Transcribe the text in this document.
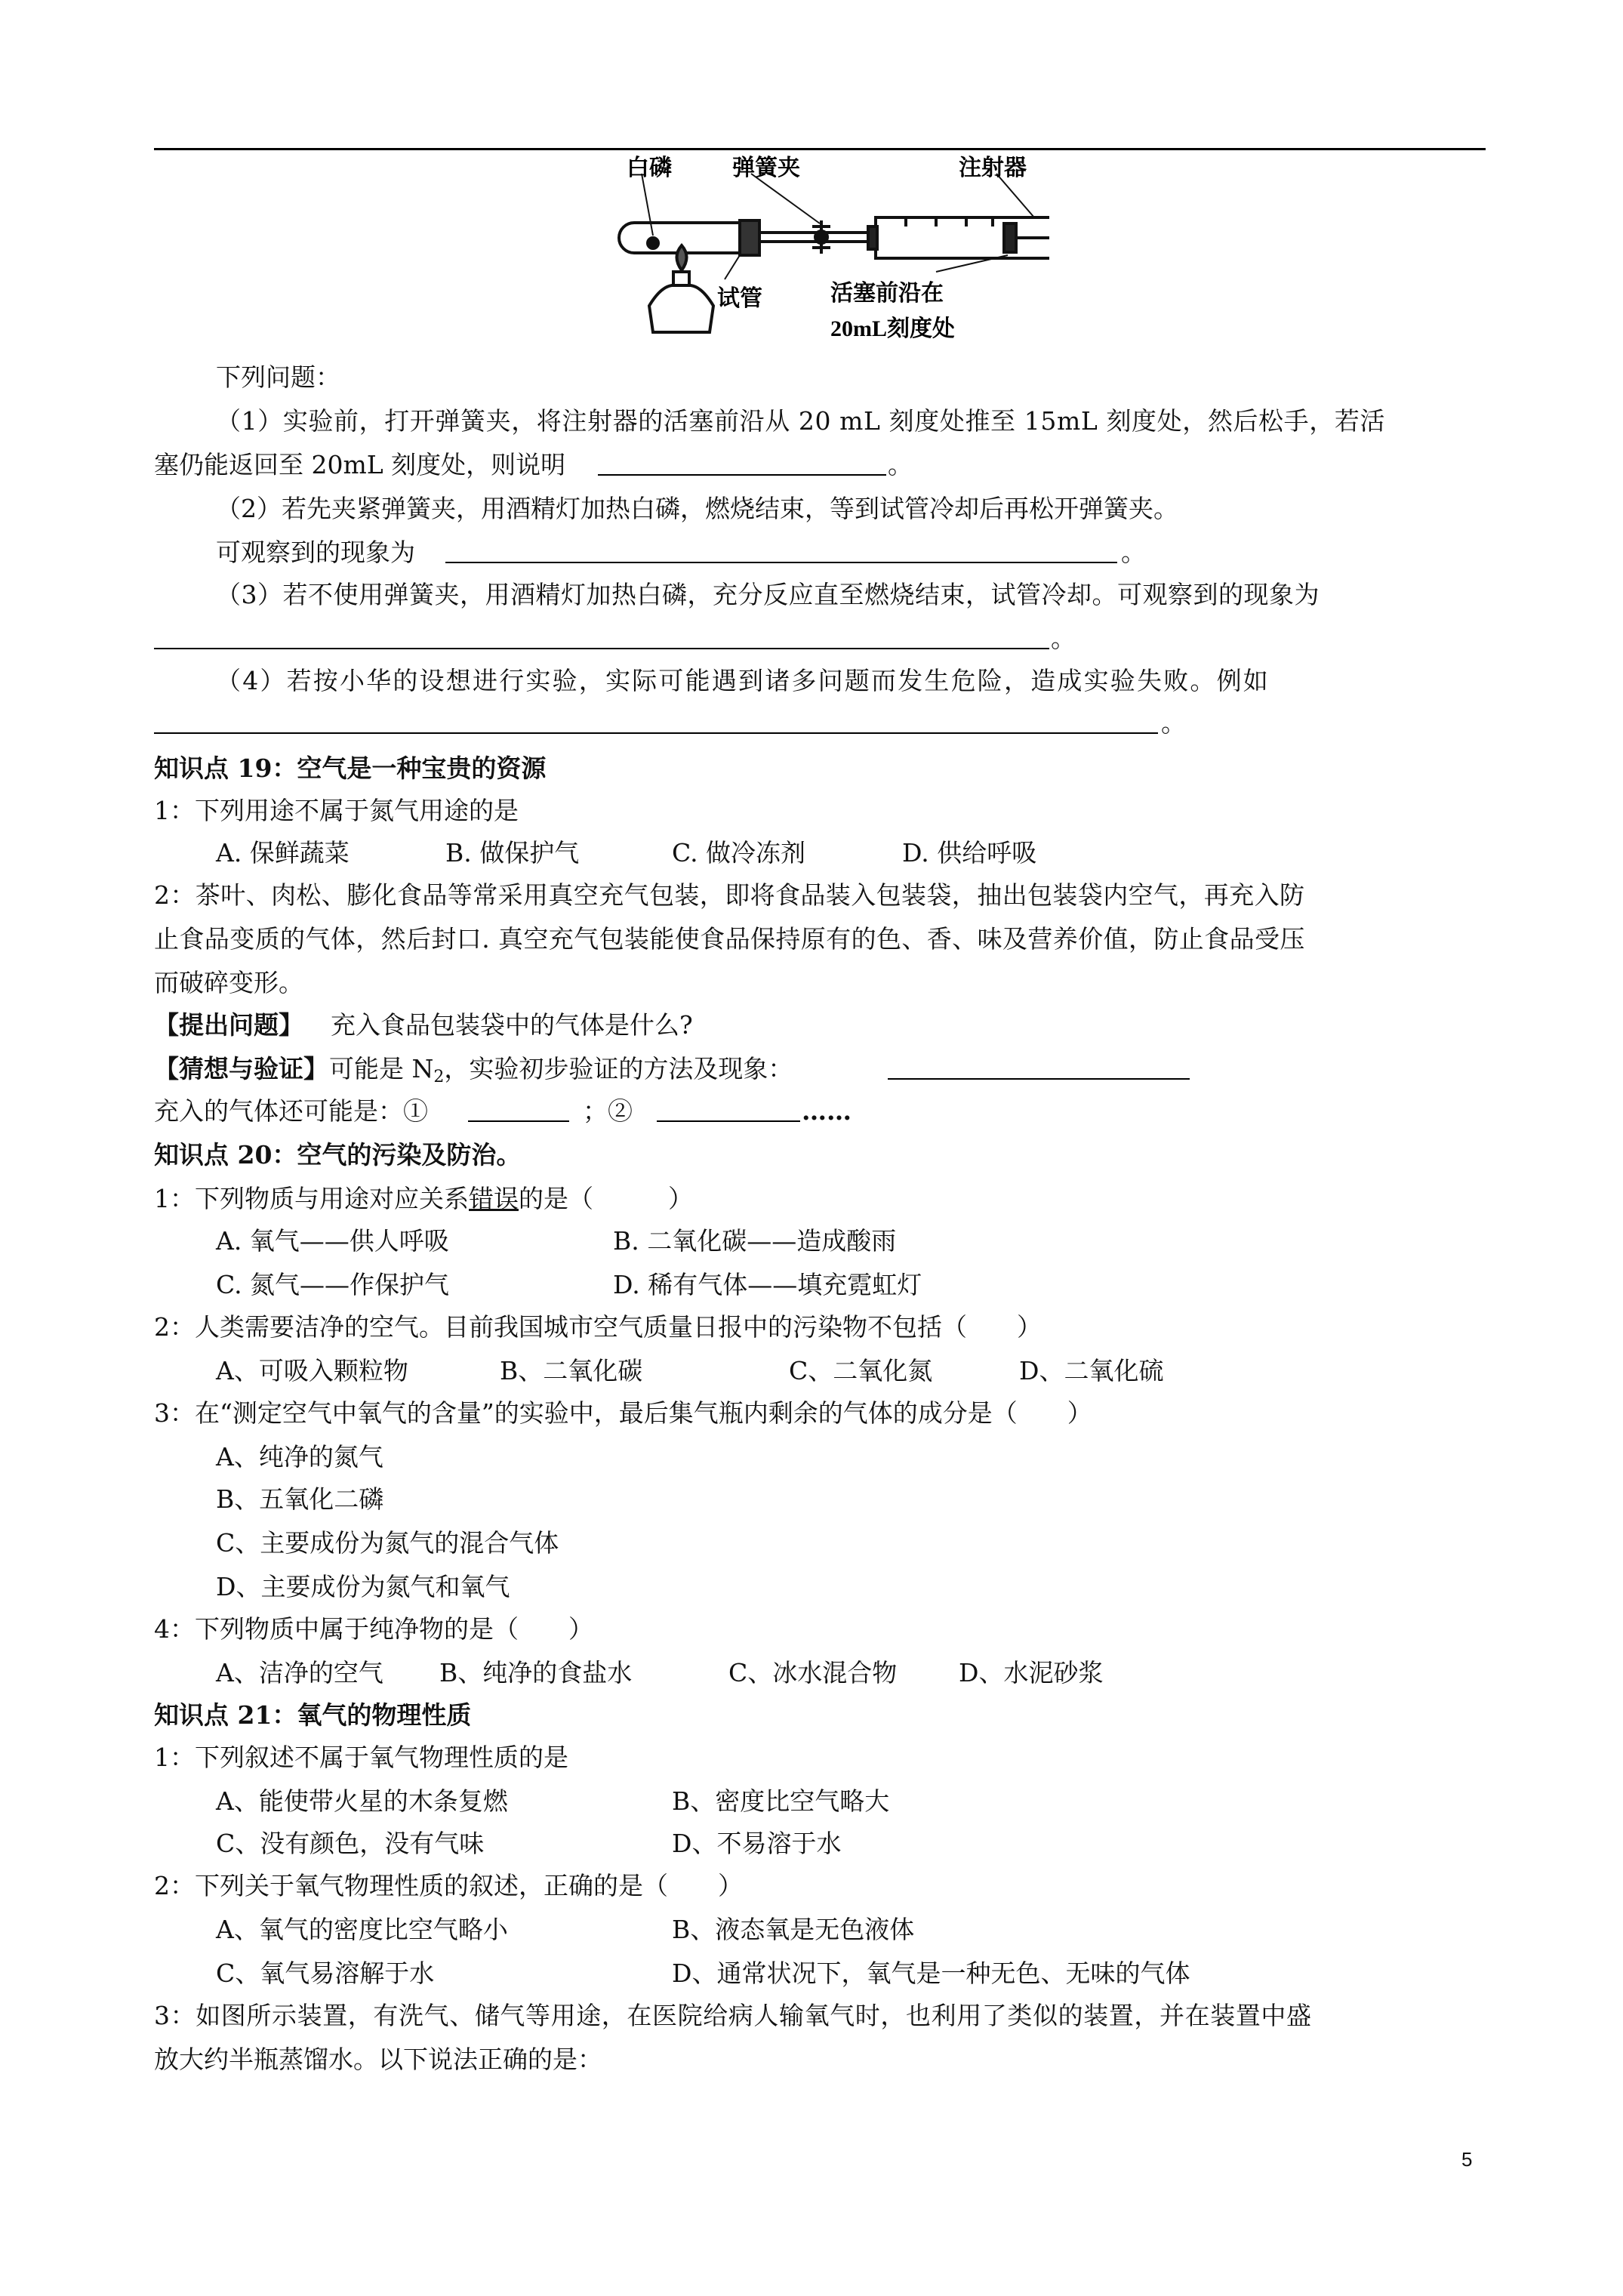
白磷	弹簧夹	注射器
试管	活塞前沿在
20mL刻度处
下列问题：
（1）实验前，打开弹簧夹，将注射器的活塞前沿从 20 mL 刻度处推至 15mL 刻度处，然后松手，若活
塞仍能返回至 20mL 刻度处，则说明	。
（2）若先夹紧弹簧夹，用酒精灯加热白磷，燃烧结束，等到试管冷却后再松开弹簧夹。
可观察到的现象为	。
（3）若不使用弹簧夹，用酒精灯加热白磷，充分反应直至燃烧结束，试管冷却。可观察到的现象为
。
（4）若按小华的设想进行实验，实际可能遇到诸多问题而发生危险，造成实验失败。例如
。
知识点 19：空气是一种宝贵的资源
1：下列用途不属于氮气用途的是
A. 保鲜蔬菜	B. 做保护气	C. 做冷冻剂	D. 供给呼吸
2：茶叶、肉松、膨化食品等常采用真空充气包装，即将食品装入包装袋，抽出包装袋内空气，再充入防
止食品变质的气体，然后封口. 真空充气包装能使食品保持原有的色、香、味及营养价值，防止食品受压
而破碎变形。
【提出问题】 充入食品包装袋中的气体是什么?
【猜想与验证】 可能是 $N_2$，实验初步验证的方法及现象：
充入的气体还可能是：①	；②	……
知识点 20：空气的污染及防治。
1：下列物质与用途对应关系错误的是（　　　）
A. 氧气——供人呼吸	B. 二氧化碳——造成酸雨
C. 氮气——作保护气	D. 稀有气体——填充霓虹灯
2：人类需要洁净的空气。目前我国城市空气质量日报中的污染物不包括（　　）
A、可吸入颗粒物	B、二氧化碳	C、二氧化氮	D、二氧化硫
3：在“测定空气中氧气的含量”的实验中，最后集气瓶内剩余的气体的成分是（　　）
A、纯净的氮气
B、五氧化二磷
C、主要成份为氮气的混合气体
D、主要成份为氮气和氧气
4：下列物质中属于纯净物的是（　　）
A、洁净的空气 B、纯净的食盐水	C、冰水混合物 D、水泥砂浆
知识点 21：氧气的物理性质
1：下列叙述不属于氧气物理性质的是
A、能使带火星的木条复燃	B、密度比空气略大
C、没有颜色，没有气味	D、不易溶于水
2：下列关于氧气物理性质的叙述，正确的是（　　）
A、氧气的密度比空气略小	B、液态氧是无色液体
C、氧气易溶解于水	D、通常状况下，氧气是一种无色、无味的气体
3：如图所示装置，有洗气、储气等用途，在医院给病人输氧气时，也利用了类似的装置，并在装置中盛
放大约半瓶蒸馏水。以下说法正确的是：
5
